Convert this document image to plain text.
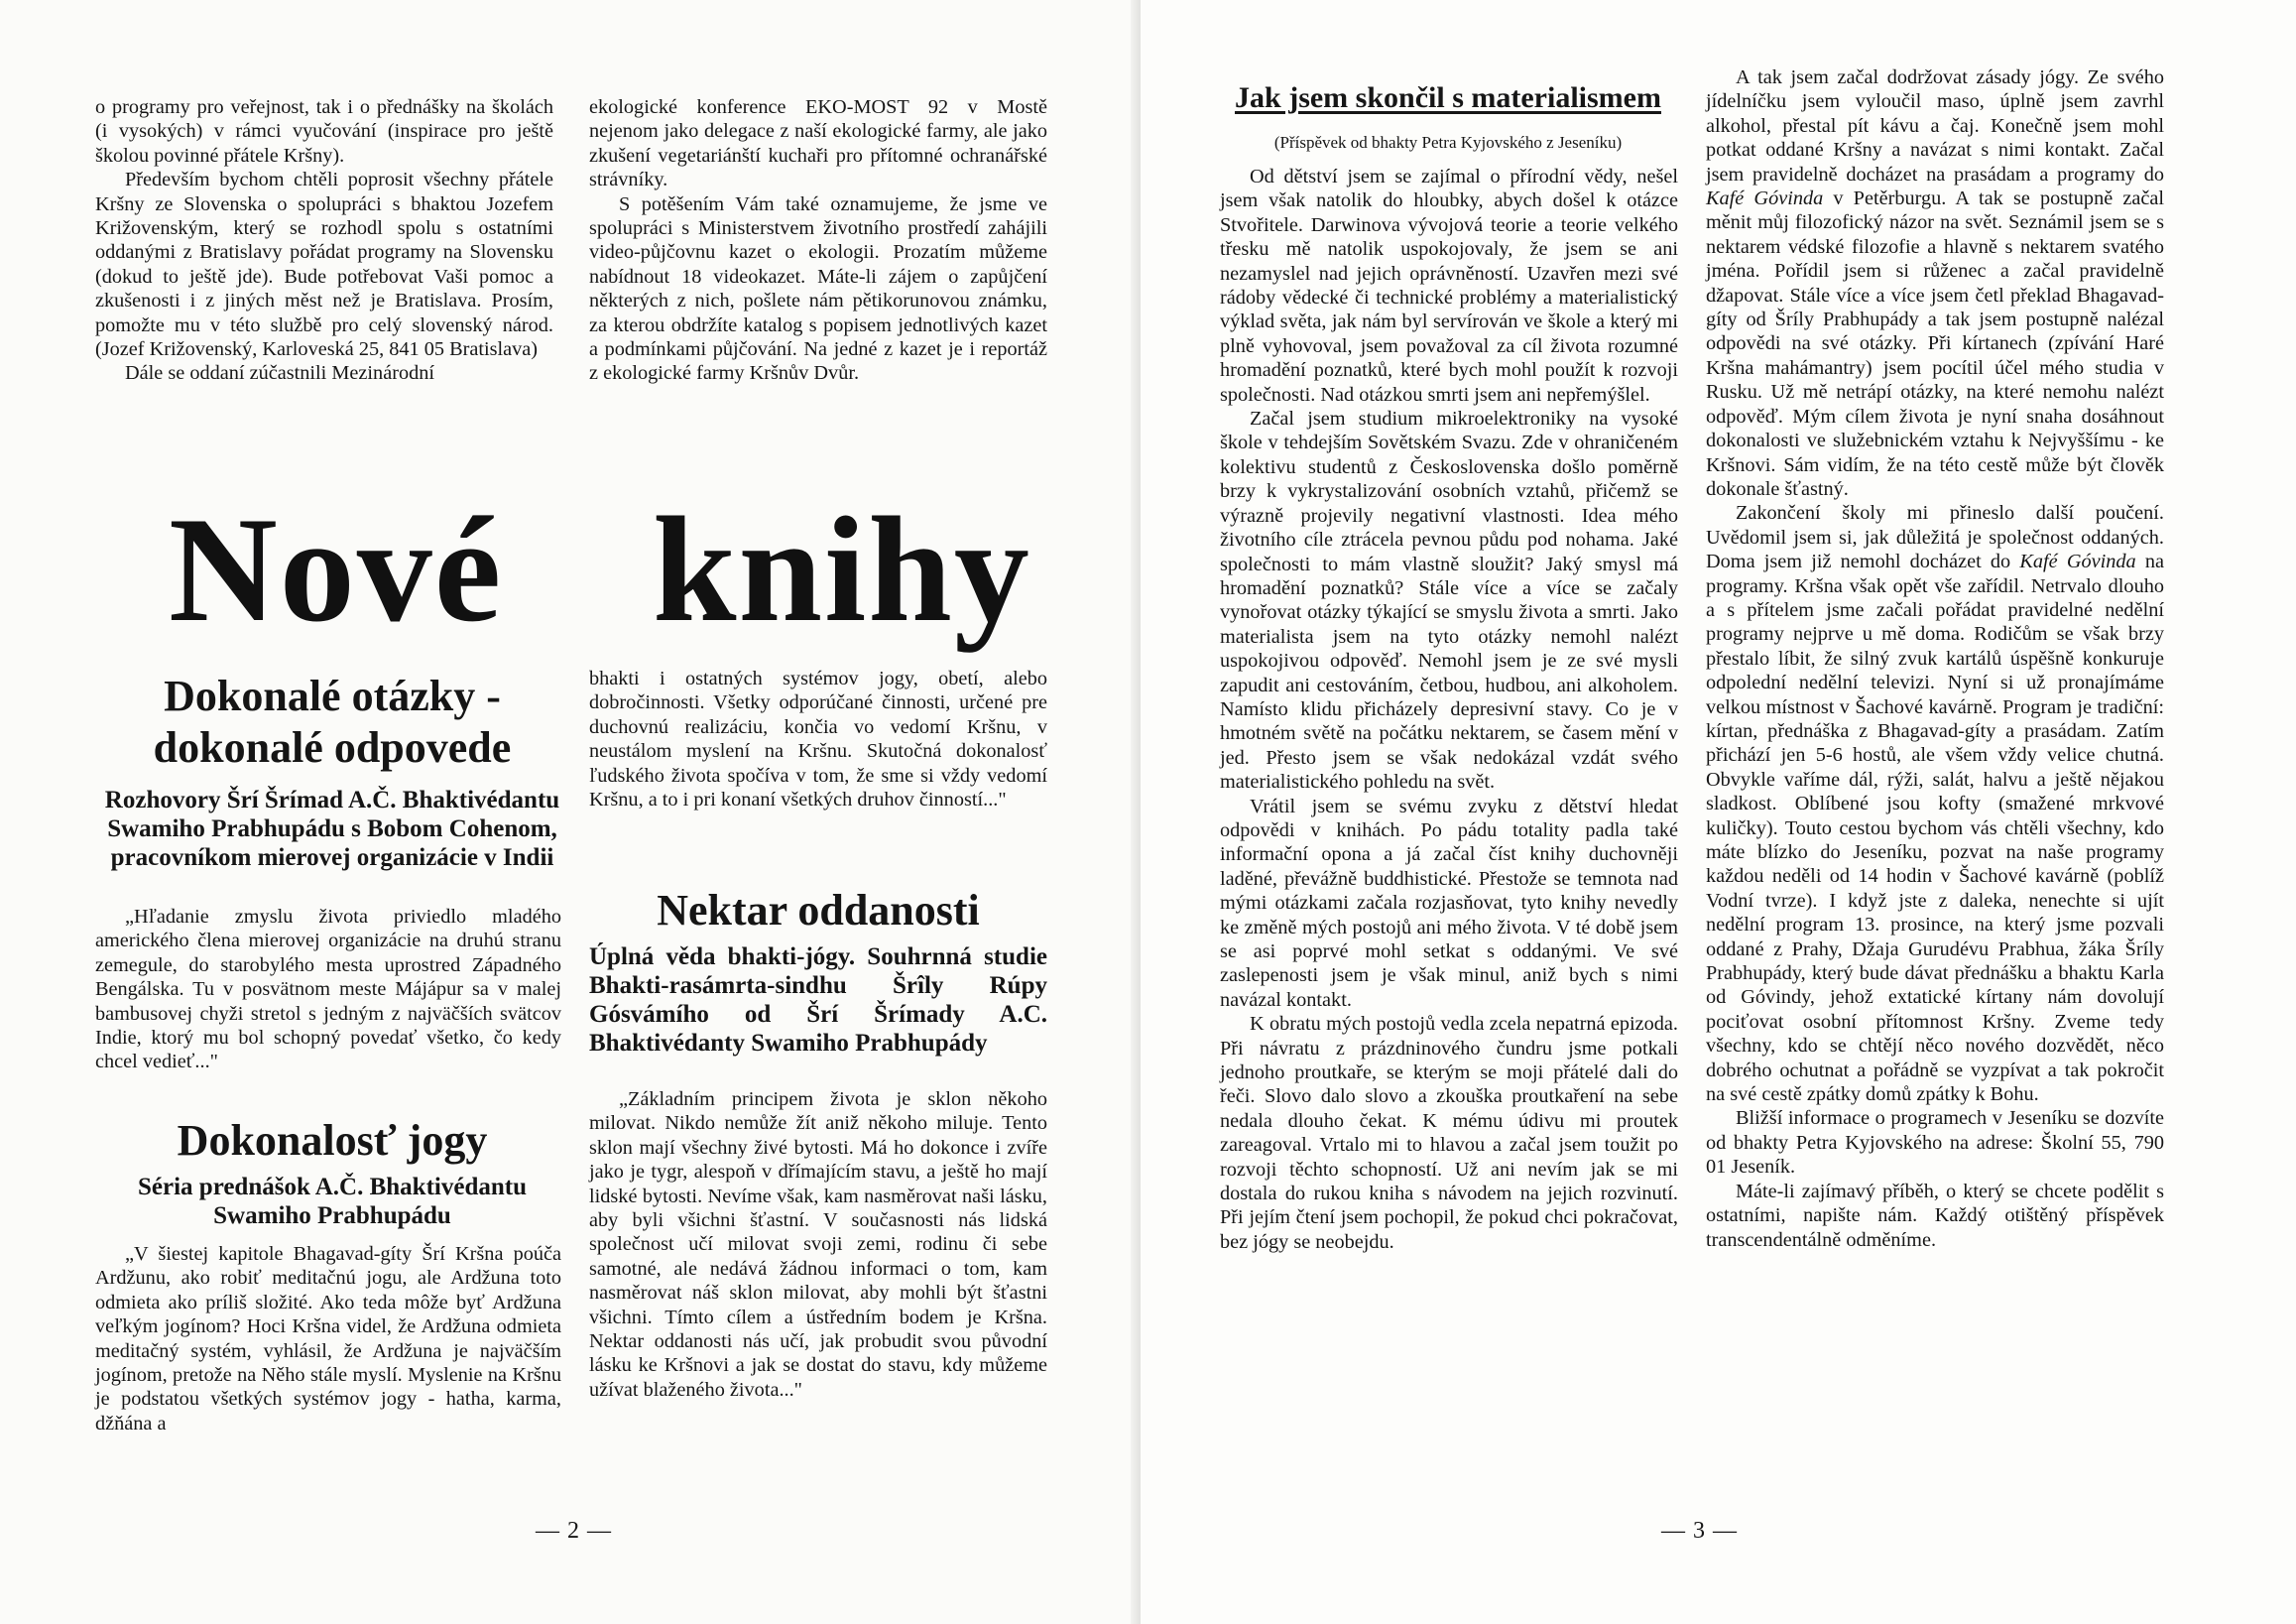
o programy pro veřejnost, tak i o přednášky na školách (i vysokých) v rámci vyučování (inspirace pro ještě školou povinné přátele Kršny).

Především bychom chtěli poprosit všechny přátele Kršny ze Slovenska o spolupráci s bhaktou Jozefem Križovenským, který se rozhodl spolu s ostatními oddanými z Bratislavy pořádat programy na Slovensku (dokud to ještě jde). Bude potřebovat Vaši pomoc a zkušenosti i z jiných měst než je Bratislava. Prosím, pomožte mu v této službě pro celý slovenský národ. (Jozef Križovenský, Karloveská 25, 841 05 Bratislava)

Dále se oddaní zúčastnili Mezinárodní

ekologické konference EKO-MOST 92 v Mostě nejenom jako delegace z naší ekologické farmy, ale jako zkušení vegetariánští kuchaři pro přítomné ochranářské strávníky.

S potěšením Vám také oznamujeme, že jsme ve spolupráci s Ministerstvem životního prostředí zahájili video-půjčovnu kazet o ekologii. Prozatím můžeme nabídnout 18 videokazet. Máte-li zájem o zapůjčení některých z nich, pošlete nám pětikorunovou známku, za kterou obdržíte katalog s popisem jednotlivých kazet a podmínkami půjčování. Na jedné z kazet je i reportáž z ekologické farmy Kršnův Dvůr.

Nové knihy
Dokonalé otázky - dokonalé odpovede
Rozhovory Šrí Šrímad A.Č. Bhaktivédantu Swamiho Prabhupádu s Bobom Cohenom, pracovníkom mierovej organizácie v Indii

„Hľadanie zmyslu života priviedlo mladého amerického člena mierovej organizácie na druhú stranu zemegule, do starobylého mesta uprostred Západného Bengálska. Tu v posvätnom meste Májápur sa v malej bambusovej chyži stretol s jedným z najväčších svätcov Indie, ktorý mu bol schopný povedať všetko, čo kedy chcel vedieť..."

Dokonalosť jogy
Séria prednášok A.Č. Bhaktivédantu Swamiho Prabhupádu

„V šiestej kapitole Bhagavad-gíty Šrí Kršna poúča Ardžunu, ako robiť meditačnú jogu, ale Ardžuna toto odmieta ako príliš složité. Ako teda môže byť Ardžuna veľkým jogínom? Hoci Kršna videl, že Ardžuna odmieta meditačný systém, vyhlásil, že Ardžuna je najväčším jogínom, pretože na Něho stále myslí. Myslenie na Kršnu je podstatou všetkých systémov jogy - hatha, karma, džňána a

bhakti i ostatných systémov jogy, obetí, alebo dobročinnosti. Všetky odporúčané činnosti, určené pre duchovnú realizáciu, končia vo vedomí Kršnu, v neustálom myslení na Kršnu. Skutočná dokonalosť ľudského života spočíva v tom, že sme si vždy vedomí Kršnu, a to i pri konaní všetkých druhov činností..."

Nektar oddanosti
Úplná věda bhakti-jógy. Souhrnná studie Bhakti-rasámrta-sindhu Šrîly Rúpy Gósvámího od Šrí Šrímady A.C. Bhaktivédanty Swamiho Prabhupády

„Základním principem života je sklon někoho milovat. Nikdo nemůže žít aniž někoho miluje. Tento sklon mají všechny živé bytosti. Má ho dokonce i zvíře jako je tygr, alespoň v dřímajícím stavu, a ještě ho mají lidské bytosti. Nevíme však, kam nasměrovat naši lásku, aby byli všichni šťastní. V současnosti nás lidská společnost učí milovat svoji zemi, rodinu či sebe samotné, ale nedává žádnou informaci o tom, kam nasměrovat náš sklon milovat, aby mohli být šťastni všichni. Tímto cílem a ústředním bodem je Kršna. Nektar oddanosti nás učí, jak probudit svou původní lásku ke Kršnovi a jak se dostat do stavu, kdy můžeme užívat blaženého života..."

— 2 —
Jak jsem skončil s materialismem
(Příspěvek od bhakty Petra Kyjovského z Jeseníku)

Od dětství jsem se zajímal o přírodní vědy, nešel jsem však natolik do hloubky, abych došel k otázce Stvořitele. Darwinova vývojová teorie a teorie velkého třesku mě natolik uspokojovaly, že jsem se ani nezamyslel nad jejich oprávněností. Uzavřen mezi své rádoby vědecké či technické problémy a materialistický výklad světa, jak nám byl servírován ve škole a který mi plně vyhovoval, jsem považoval za cíl života rozumné hromadění poznatků, které bych mohl použít k rozvoji společnosti. Nad otázkou smrti jsem ani nepřemýšlel.

Začal jsem studium mikroelektroniky na vysoké škole v tehdejším Sovětském Svazu. Zde v ohraničeném kolektivu studentů z Československa došlo poměrně brzy k vykrystalizování osobních vztahů, přičemž se výrazně projevily negativní vlastnosti. Idea mého životního cíle ztrácela pevnou půdu pod nohama. Jaké společnosti to mám vlastně sloužit? Jaký smysl má hromadění poznatků? Stále více a více se začaly vynořovat otázky týkající se smyslu života a smrti. Jako materialista jsem na tyto otázky nemohl nalézt uspokojivou odpověď. Nemohl jsem je ze své mysli zapudit ani cestováním, četbou, hudbou, ani alkoholem. Namísto klidu přicházely depresivní stavy. Co je v hmotném světě na počátku nektarem, se časem mění v jed. Přesto jsem se však nedokázal vzdát svého materialistického pohledu na svět.

Vrátil jsem se svému zvyku z dětství hledat odpovědi v knihách. Po pádu totality padla také informační opona a já začal číst knihy duchovněji laděné, převážně buddhistické. Přestože se temnota nad mými otázkami začala rozjasňovat, tyto knihy nevedly ke změně mých postojů ani mého života. V té době jsem se asi poprvé mohl setkat s oddanými. Ve své zaslepenosti jsem je však minul, aniž bych s nimi navázal kontakt.

K obratu mých postojů vedla zcela nepatrná epizoda. Při návratu z prázdninového čundru jsme potkali jednoho proutkaře, se kterým se moji přátelé dali do řeči. Slovo dalo slovo a zkouška proutkaření na sebe nedala dlouho čekat. K mému údivu mi proutek zareagoval. Vrtalo mi to hlavou a začal jsem toužit po rozvoji těchto schopností. Už ani nevím jak se mi dostala do rukou kniha s návodem na jejich rozvinutí. Při jejím čtení jsem pochopil, že pokud chci pokračovat, bez jógy se neobejdu.

A tak jsem začal dodržovat zásady jógy. Ze svého jídelníčku jsem vyloučil maso, úplně jsem zavrhl alkohol, přestal pít kávu a čaj. Konečně jsem mohl potkat oddané Kršny a navázat s nimi kontakt. Začal jsem pravidelně docházet na prasádam a programy do Kafé Góvinda v Petěrburgu. A tak se postupně začal měnit můj filozofický názor na svět. Seznámil jsem se s nektarem védské filozofie a hlavně s nektarem svatého jména. Pořídil jsem si růženec a začal pravidelně džapovat. Stále více a více jsem četl překlad Bhagavad-gíty od Šríly Prabhupády a tak jsem postupně nalézal odpovědi na své otázky. Při kírtanech (zpívání Haré Kršna mahámantry) jsem pocítil účel mého studia v Rusku. Už mě netrápí otázky, na které nemohu nalézt odpověď. Mým cílem života je nyní snaha dosáhnout dokonalosti ve služebnickém vztahu k Nejvyššímu - ke Kršnovi. Sám vidím, že na této cestě může být člověk dokonale šťastný.

Zakončení školy mi přineslo další poučení. Uvědomil jsem si, jak důležitá je společnost oddaných. Doma jsem již nemohl docházet do Kafé Góvinda na programy. Kršna však opět vše zařídil. Netrvalo dlouho a s přítelem jsme začali pořádat pravidelné nedělní programy nejprve u mě doma. Rodičům se však brzy přestalo líbit, že silný zvuk kartálů úspěšně konkuruje odpolední nedělní televizi. Nyní si už pronajímáme velkou místnost v Šachové kavárně. Program je tradiční: kírtan, přednáška z Bhagavad-gíty a prasádam. Zatím přichází jen 5-6 hostů, ale všem vždy velice chutná. Obvykle vaříme dál, rýži, salát, halvu a ještě nějakou sladkost. Oblíbené jsou kofty (smažené mrkvové kuličky). Touto cestou bychom vás chtěli všechny, kdo máte blízko do Jeseníku, pozvat na naše programy každou neděli od 14 hodin v Šachové kavárně (poblíž Vodní tvrze). I když jste z daleka, nenechte si ujít nedělní program 13. prosince, na který jsme pozvali oddané z Prahy, Džaja Gurudévu Prabhua, žáka Šríly Prabhupády, který bude dávat přednášku a bhaktu Karla od Góvindy, jehož extatické kírtany nám dovolují pociťovat osobní přítomnost Kršny. Zveme tedy všechny, kdo se chtějí něco nového dozvědět, něco dobrého ochutnat a pořádně se vyzpívat a tak pokročit na své cestě zpátky domů zpátky k Bohu.

Bližší informace o programech v Jeseníku se dozvíte od bhakty Petra Kyjovského na adrese: Školní 55, 790 01 Jeseník.

Máte-li zajímavý příběh, o který se chcete podělit s ostatními, napište nám. Každý otištěný příspěvek transcendentálně odměníme.

— 3 —
